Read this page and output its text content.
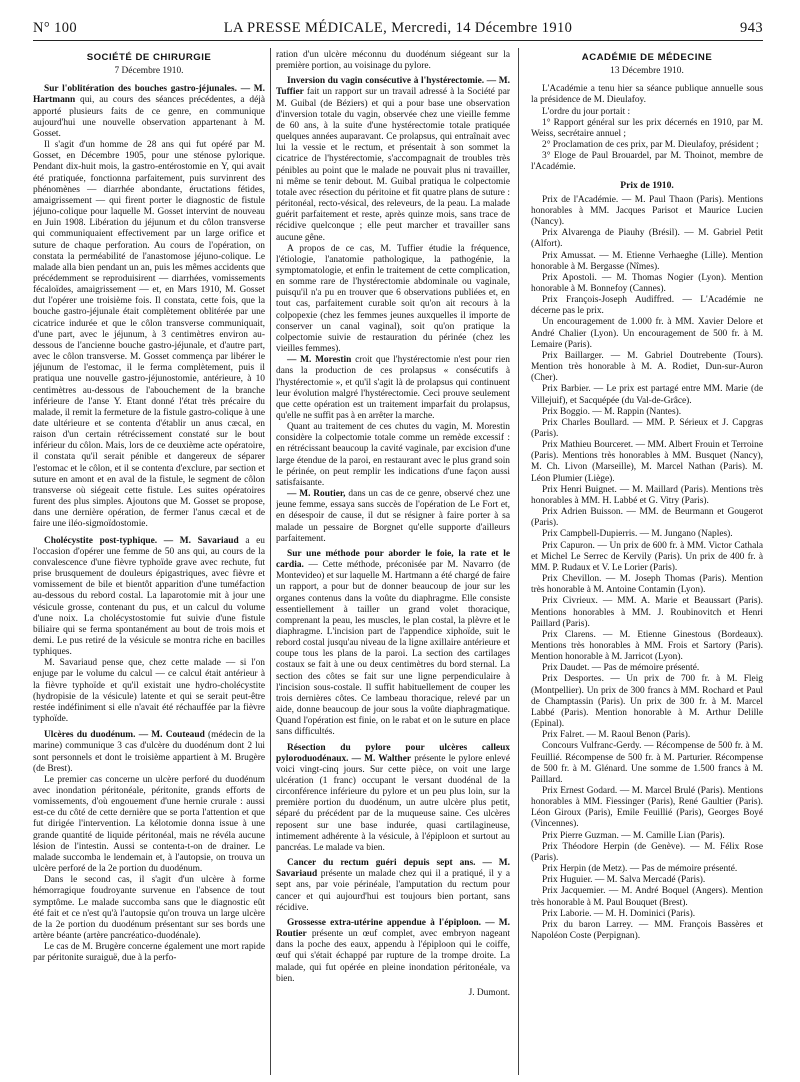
N° 100	LA PRESSE MÉDICALE, Mercredi, 14 Décembre 1910	943
SOCIÉTÉ DE CHIRURGIE

7 Décembre 1910.

Sur l'oblitération des bouches gastro-jéjunales. — M. Hartmann qui, au cours des séances précédentes, a déjà apporté plusieurs faits de ce genre, en communique aujourd'hui une nouvelle observation appartenant à M. Gosset.

Il s'agit d'un homme de 28 ans qui fut opéré par M. Gosset, en Décembre 1905, pour une sténose pylorique. Pendant dix-huit mois, la gastro-entérostomie en Y, qui avait été pratiquée, fonctionna parfaitement, puis survinrent des phénomènes — diarrhée abondante, éructations fétides, amaigrissement — qui firent porter le diagnostic de fistule jéjuno-colique pour laquelle M. Gosset intervint de nouveau en Juin 1908. Libération du jéjunum et du côlon transverse qui communiquaient effectivement par un large orifice et suture de chaque perforation. Au cours de l'opération, on constata la perméabilité de l'anastomose jéjuno-colique. Le malade alla bien pendant un an, puis les mêmes accidents que précédemment se reproduisirent — diarrhées, vomissements fécaloïdes, amaigrissement — et, en Mars 1910, M. Gosset dut l'opérer une troisième fois. Il constata, cette fois, que la bouche gastro-jéjunale était complètement oblitérée par une cicatrice indurée et que le côlon transverse communiquait, d'une part, avec le jéjunum, à 3 centimètres environ au-dessous de l'ancienne bouche gastro-jéjunale, et d'autre part, avec le côlon transverse. M. Gosset commença par libérer le jéjunum de l'estomac, il le ferma complètement, puis il pratiqua une nouvelle gastro-jéjunostomie, antérieure, à 10 centimètres au-dessous de l'abouchement de la branche inférieure de l'anse Y. Etant donné l'état très précaire du malade, il remit la fermeture de la fistule gastro-colique à une date ultérieure et se contenta d'établir un anus cæcal, en raison d'un certain rétrécissement constaté sur le bout inférieur du côlon. Mais, lors de ce deuxième acte opératoire, il constata qu'il serait pénible et dangereux de séparer l'estomac et le côlon, et il se contenta d'exclure, par section et suture en amont et en aval de la fistule, le segment de côlon transverse où siégeait cette fistule. Les suites opératoires furent des plus simples. Ajoutons que M. Gosset se propose, dans une dernière opération, de fermer l'anus cæcal et de faire une iléo-sigmoïdostomie.

Cholécystite post-typhique. — M. Savariaud a eu l'occasion d'opérer une femme de 50 ans qui, au cours de la convalescence d'une fièvre typhoïde grave avec rechute, fut prise brusquement de douleurs épigastriques, avec fièvre et vomissement de bile et bientôt apparition d'une tuméfaction au-dessous du rebord costal. La laparotomie mit à jour une vésicule grosse, contenant du pus, et un calcul du volume d'une noix. La cholécystostomie fut suivie d'une fistule biliaire qui se ferma spontanément au bout de trois mois et demi. Le pus retiré de la vésicule se montra riche en bacilles typhiques.

M. Savariaud pense que, chez cette malade — si l'on enjuge par le volume du calcul — ce calcul était antérieur à la fièvre typhoïde et qu'il existait une hydro-cholécystite (hydropisie de la vésicule) latente et qui se serait peut-être restée indéfiniment si elle n'avait été réchauffée par la fièvre typhoïde.

Ulcères du duodénum. — M. Couteaud (médecin de la marine) communique 3 cas d'ulcère du duodénum dont 2 lui sont personnels et dont le troisième appartient à M. Brugère (de Brest).

Le premier cas concerne un ulcère perforé du duodénum avec inondation péritonéale, péritonite, grands efforts de vomissements, d'où engouement d'une hernie crurale : aussi est-ce du côté de cette dernière que se porta l'attention et que fut dirigée l'intervention. La kélotomie donna issue à une grande quantité de liquide péritonéal, mais ne révéla aucune lésion de l'intestin. Aussi se contenta-t-on de drainer. Le malade succomba le lendemain et, à l'autopsie, on trouva un ulcère perforé de la 2e portion du duodénum.

Dans le second cas, il s'agit d'un ulcère à forme hémorragique foudroyante survenue en l'absence de tout symptôme. Le malade succomba sans que le diagnostic eût été fait et ce n'est qu'à l'autopsie qu'on trouva un large ulcère de la 2e portion du duodénum présentant sur ses bords une artère béante (artère pancréatico-duodénale).

Le cas de M. Brugère concerne également une mort rapide par péritonite suraiguë, due à la perfo-

ration d'un ulcère méconnu du duodénum siégeant sur la première portion, au voisinage du pylore.

Inversion du vagin consécutive à l'hystérectomie. — M. Tuffier fait un rapport sur un travail adressé à la Société par M. Guibal (de Béziers) et qui a pour base une observation d'inversion totale du vagin, observée chez une vieille femme de 60 ans, à la suite d'une hystérectomie totale pratiquée quelques années auparavant. Ce prolapsus, qui entraînait avec lui la vessie et le rectum, et présentait à son sommet la cicatrice de l'hystérectomie, s'accompagnait de troubles très pénibles au point que le malade ne pouvait plus ni travailler, ni même se tenir debout. M. Guibal pratiqua le colpectomie totale avec résection du péritoine et fit quatre plans de suture : péritonéal, recto-vésical, des releveurs, de la peau. La malade guérit parfaitement et reste, après quinze mois, sans trace de récidive quelconque ; elle peut marcher et travailler sans aucune gêne.

A propos de ce cas, M. Tuffier étudie la fréquence, l'étiologie, l'anatomie pathologique, la pathogénie, la symptomatologie, et enfin le traitement de cette complication, en somme rare de l'hystérectomie abdominale ou vaginale, puisqu'il n'a pu en trouver que 6 observations publiées et, en tout cas, parfaitement curable soit qu'on ait recours à la colpopexie (chez les femmes jeunes auxquelles il importe de conserver un canal vaginal), soit qu'on pratique la colpectomie suivie de restauration du périnée (chez les vieilles femmes).

— M. Morestin croit que l'hystérectomie n'est pour rien dans la production de ces prolapsus « consécutifs à l'hystérectomie », et qu'il s'agit là de prolapsus qui continuent leur évolution malgré l'hystérectomie. Ceci prouve seulement que cette opération est un traitement imparfait du prolapsus, qu'elle ne suffit pas à en arrêter la marche.

Quant au traitement de ces chutes du vagin, M. Morestin considère la colpectomie totale comme un remède excessif : en rétrécissant beaucoup la cavité vaginale, par excision d'une large étendue de la paroi, en restaurant avec le plus grand soin le périnée, on peut remplir les indications d'une façon aussi satisfaisante.

— M. Routier, dans un cas de ce genre, observé chez une jeune femme, essaya sans succès de l'opération de Le Fort et, en désespoir de cause, il dut se résigner à faire porter à sa malade un pessaire de Borgnet qu'elle supporte d'ailleurs parfaitement.

Sur une méthode pour aborder le foie, la rate et le cardia. — Cette méthode, préconisée par M. Navarro (de Montevideo) et sur laquelle M. Hartmann a été chargé de faire un rapport, a pour but de donner beaucoup de jour sur les organes contenus dans la voûte du diaphragme. Elle consiste essentiellement à tailler un grand volet thoracique, comprenant la peau, les muscles, le plan costal, la plèvre et le diaphragme. L'incision part de l'appendice xiphoïde, suit le rebord costal jusqu'au niveau de la ligne axillaire antérieure et coupe tous les plans de la paroi. La section des cartilages costaux se fait à une ou deux centimètres du bord sternal. La section des côtes se fait sur une ligne perpendiculaire à l'incision sous-costale. Il suffit habituellement de couper les trois dernières côtes. Ce lambeau thoracique, relevé par un aide, donne beaucoup de jour sous la voûte diaphragmatique. Quand l'opération est finie, on le rabat et on le suture en place sans difficultés.

Résection du pylore pour ulcères calleux pyloroduodénaux. — M. Walther présente le pylore enlevé voici vingt-cinq jours. Sur cette pièce, on voit une large ulcération (1 franc) occupant le versant duodénal de la circonférence inférieure du pylore et un peu plus loin, sur la première portion du duodénum, un autre ulcère plus petit, séparé du précédent par de la muqueuse saine. Ces ulcères reposent sur une base indurée, quasi cartilagineuse, intimement adhérente à la vésicule, à l'épiploon et surtout au pancréas. Le malade va bien.

Cancer du rectum guéri depuis sept ans. — M. Savariaud présente un malade chez qui il a pratiqué, il y a sept ans, par voie périnéale, l'amputation du rectum pour cancer et qui aujourd'hui est toujours bien portant, sans récidive.

Grossesse extra-utérine appendue à l'épiploon. — M. Routier présente un œuf complet, avec embryon nageant dans la poche des eaux, appendu à l'épiploon qui le coiffe, œuf qui s'était échappé par rupture de la trompe droite. La malade, qui fut opérée en pleine inondation péritonéale, va bien.

J. Dumont.

ACADÉMIE DE MÉDECINE

13 Décembre 1910.

L'Académie a tenu hier sa séance publique annuelle sous la présidence de M. Dieulafoy.

L'ordre du jour portait :

1° Rapport général sur les prix décernés en 1910, par M. Weiss, secrétaire annuel ;

2° Proclamation de ces prix, par M. Dieulafoy, président ;

3° Eloge de Paul Brouardel, par M. Thoinot, membre de l'Académie.

Prix de 1910.

Prix de l'Académie. — M. Paul Thaon (Paris). Mentions honorables à MM. Jacques Parisot et Maurice Lucien (Nancy).

Prix Alvarenga de Piauhy (Brésil). — M. Gabriel Petit (Alfort).

Prix Amussat. — M. Etienne Verhaeghe (Lille). Mention honorable à M. Bergasse (Nîmes).

Prix Apostoli. — M. Thomas Nogier (Lyon). Mention honorable à M. Bonnefoy (Cannes).

Prix François-Joseph Audiffred. — L'Académie ne décerne pas le prix.

Un encouragement de 1.000 fr. à MM. Xavier Delore et André Chalier (Lyon). Un encouragement de 500 fr. à M. Lemaire (Paris).

Prix Baillarger. — M. Gabriel Doutrebente (Tours). Mention très honorable à M. A. Rodiet, Dun-sur-Auron (Cher).

Prix Barbier. — Le prix est partagé entre MM. Marie (de Villejuif), et Sacquépée (du Val-de-Grâce).

Prix Boggio. — M. Rappin (Nantes).

Prix Charles Boullard. — MM. P. Sérieux et J. Capgras (Paris).

Prix Mathieu Bourceret. — MM. Albert Frouin et Terroine (Paris). Mentions très honorables à MM. Busquet (Nancy), M. Ch. Livon (Marseille), M. Marcel Nathan (Paris). M. Léon Plumier (Liège).

Prix Henri Buignet. — M. Maillard (Paris). Mentions très honorables à MM. H. Labbé et G. Vitry (Paris).

Prix Adrien Buisson. — MM. de Beurmann et Gougerot (Paris).

Prix Campbell-Dupierris. — M. Jungano (Naples).

Prix Capuron. — Un prix de 600 fr. à MM. Victor Cathala et Michel Le Serrec de Kervily (Paris). Un prix de 400 fr. à MM. P. Rudaux et V. Le Lorier (Paris).

Prix Chevillon. — M. Joseph Thomas (Paris). Mention très honorable à M. Antoine Contamin (Lyon).

Prix Civrieux. — MM. A. Marie et Beaussart (Paris). Mentions honorables à MM. J. Roubinovitch et Henri Paillard (Paris).

Prix Clarens. — M. Etienne Ginestous (Bordeaux). Mentions très honorables à MM. Frois et Sartory (Paris). Mention honorable à M. Jarricot (Lyon).

Prix Daudet. — Pas de mémoire présenté.

Prix Desportes. — Un prix de 700 fr. à M. Fleig (Montpellier). Un prix de 300 francs à MM. Rochard et Paul de Champtassin (Paris). Un prix de 300 fr. à M. Marcel Labbé (Paris). Mention honorable à M. Arthur Delille (Epinal).

Prix Falret. — M. Raoul Benon (Paris).

Concours Vulfranc-Gerdy. — Récompense de 500 fr. à M. Feuillié. Récompense de 500 fr. à M. Parturier. Récompense de 500 fr. à M. Glénard. Une somme de 1.500 francs à M. Paillard.

Prix Ernest Godard. — M. Marcel Brulé (Paris). Mentions honorables à MM. Fiessinger (Paris), René Gaultier (Paris). Léon Giroux (Paris), Emile Feuillié (Paris), Georges Boyé (Vincennes).

Prix Pierre Guzman. — M. Camille Lian (Paris).

Prix Théodore Herpin (de Genève). — M. Félix Rose (Paris).

Prix Herpin (de Metz). — Pas de mémoire présenté.

Prix Huguier. — M. Salva Mercadé (Paris).

Prix Jacquemier. — M. André Boquel (Angers). Mention très honorable à M. Paul Bouquet (Brest).

Prix Laborie. — M. H. Dominici (Paris).

Prix du baron Larrey. — MM. François Bassères et Napoléon Coste (Perpignan).
